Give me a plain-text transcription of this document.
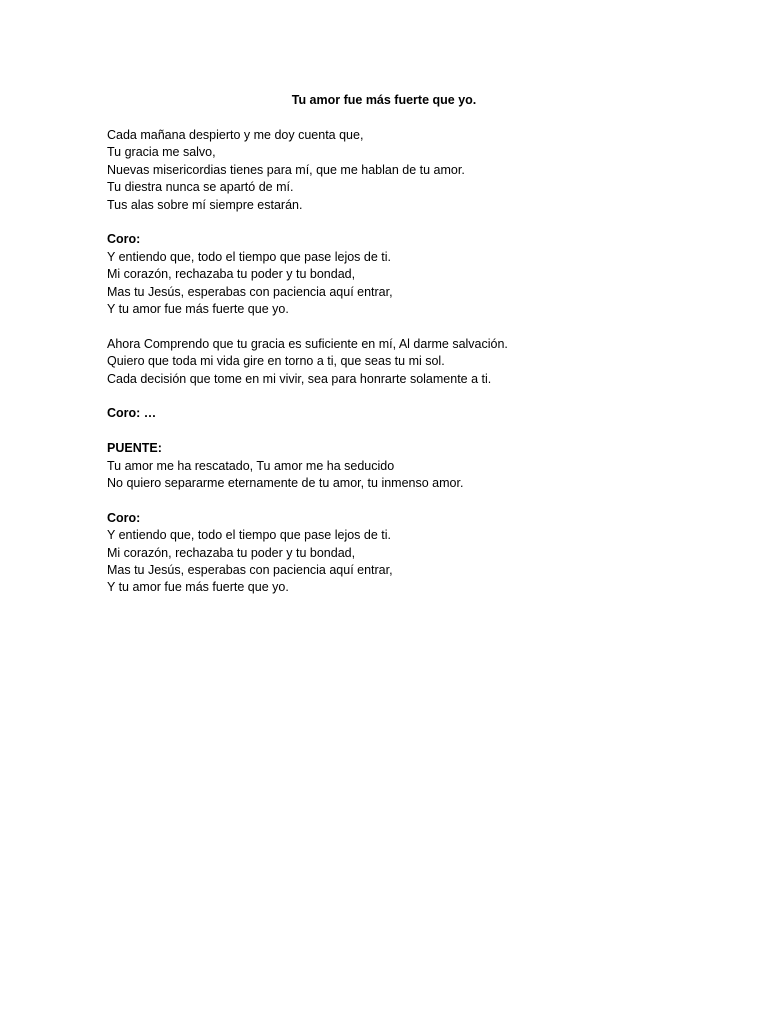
Tu amor fue más fuerte que yo.
Cada mañana despierto y me doy cuenta que,
Tu gracia me salvo,
Nuevas misericordias tienes para mí, que me hablan de tu amor.
Tu diestra nunca se apartó de mí.
Tus alas sobre mí siempre estarán.
Coro:
Y entiendo que, todo el tiempo que pase lejos de ti.
Mi corazón, rechazaba tu poder y tu bondad,
Mas tu Jesús, esperabas con paciencia aquí entrar,
Y tu amor fue más fuerte que yo.
Ahora Comprendo que tu gracia es suficiente en mí, Al darme salvación.
Quiero que toda mi vida gire en torno a ti, que seas tu mi sol.
Cada decisión que tome en mi vivir, sea para honrarte solamente a ti.
Coro: …
PUENTE:
Tu amor me ha rescatado, Tu amor me ha seducido
No quiero separarme eternamente de tu amor, tu inmenso amor.
Coro:
Y entiendo que, todo el tiempo que pase lejos de ti.
Mi corazón, rechazaba tu poder y tu bondad,
Mas tu Jesús, esperabas con paciencia aquí entrar,
Y tu amor fue más fuerte que yo.
